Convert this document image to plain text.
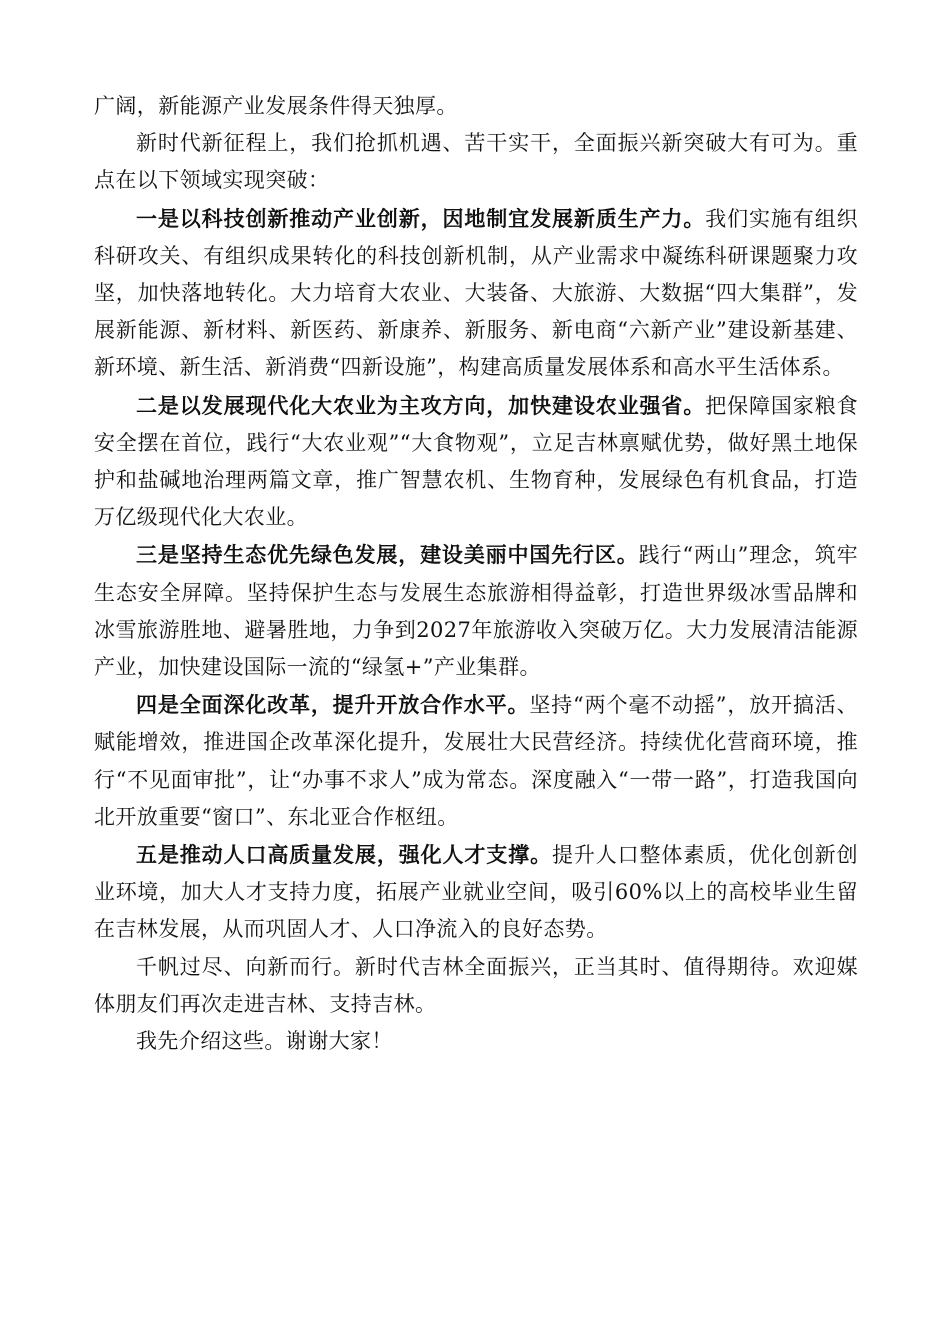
广阔，新能源产业发展条件得天独厚。

新时代新征程上，我们抢抓机遇、苦干实干，全面振兴新突破大有可为。重点在以下领域实现突破：

一是以科技创新推动产业创新，因地制宜发展新质生产力。我们实施有组织科研攻关、有组织成果转化的科技创新机制，从产业需求中凝练科研课题聚力攻坚，加快落地转化。大力培育大农业、大装备、大旅游、大数据“四大集群”，发展新能源、新材料、新医药、新康养、新服务、新电商“六新产业”建设新基建、新环境、新生活、新消费“四新设施”，构建高质量发展体系和高水平生活体系。

二是以发展现代化大农业为主攻方向，加快建设农业强省。把保障国家粮食安全摆在首位，践行“大农业观”“大食物观”，立足吉林禀赋优势，做好黑土地保护和盐碱地治理两篇文章，推广智慧农机、生物育种，发展绿色有机食品，打造万亿级现代化大农业。

三是坚持生态优先绿色发展，建设美丽中国先行区。践行“两山”理念，筑牢生态安全屏障。坚持保护生态与发展生态旅游相得益彰，打造世界级冰雪品牌和冰雪旅游胜地、避暑胜地，力争到2027年旅游收入突破万亿。大力发展清洁能源产业，加快建设国际一流的“绿氢+”产业集群。

四是全面深化改革，提升开放合作水平。坚持“两个毫不动摇”，放开搞活、赋能增效，推进国企改革深化提升，发展壮大民营经济。持续优化营商环境，推行“不见面审批”，让“办事不求人”成为常态。深度融入“一带一路”，打造我国向北开放重要“窗口”、东北亚合作枢纽。

五是推动人口高质量发展，强化人才支撑。提升人口整体素质，优化创新创业环境，加大人才支持力度，拓展产业就业空间，吸引60%以上的高校毕业生留在吉林发展，从而巩固人才、人口净流入的良好态势。

千帆过尽、向新而行。新时代吉林全面振兴，正当其时、值得期待。欢迎媒体朋友们再次走进吉林、支持吉林。

我先介绍这些。谢谢大家！
